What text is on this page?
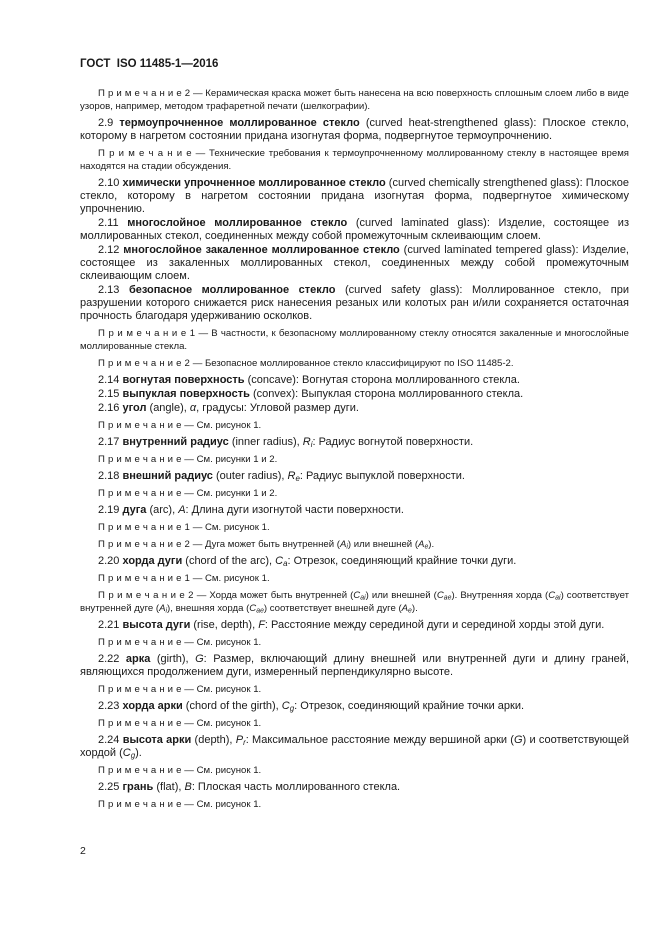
ГОСТ  ISO 11485-1—2016

П р и м е ч а н и е 2 — Керамическая краска может быть нанесена на всю поверхность сплошным слоем либо в виде узоров, например, методом трафаретной печати (шелкографии).

2.9 термоупрочненное моллированное стекло (curved heat-strengthened glass): Плоское стекло, которому в нагретом состоянии придана изогнутая форма, подвергнутое термоупрочнению.

П р и м е ч а н и е — Технические требования к термоупрочненному моллированному стеклу в настоящее время находятся на стадии обсуждения.

2.10 химически упрочненное моллированное стекло (curved chemically strengthened glass): Плоское стекло, которому в нагретом состоянии придана изогнутая форма, подвергнутое химическому упрочнению.

2.11 многослойное моллированное стекло (curved laminated glass): Изделие, состоящее из моллированных стекол, соединенных между собой промежуточным склеивающим слоем.

2.12 многослойное закаленное моллированное стекло (curved laminated tempered glass): Изделие, состоящее из закаленных моллированных стекол, соединенных между собой промежуточным склеивающим слоем.

2.13 безопасное моллированное стекло (curved safety glass): Моллированное стекло, при разрушении которого снижается риск нанесения резаных или колотых ран и/или сохраняется остаточная прочность благодаря удерживанию осколков.

П р и м е ч а н и е 1 — В частности, к безопасному моллированному стеклу относятся закаленные и многослойные моллированные стекла.

П р и м е ч а н и е 2 — Безопасное моллированное стекло классифицируют по ISO 11485-2.

2.14 вогнутая поверхность (concave): Вогнутая сторона моллированного стекла.

2.15 выпуклая поверхность (convex): Выпуклая сторона моллированного стекла.

2.16 угол (angle), α, градусы: Угловой размер дуги.

П р и м е ч а н и е — См. рисунок 1.

2.17 внутренний радиус (inner radius), $R_i$: Радиус вогнутой поверхности.

П р и м е ч а н и е — См. рисунки 1 и 2.

2.18 внешний радиус (outer radius), $R_e$: Радиус выпуклой поверхности.

П р и м е ч а н и е — См. рисунки 1 и 2.

2.19 дуга (arc), A: Длина дуги изогнутой части поверхности.

П р и м е ч а н и е 1 — См. рисунок 1.

П р и м е ч а н и е 2 — Дуга может быть внутренней $(A_i)$ или внешней $(A_e)$.

2.20 хорда дуги (chord of the arc), $C_a$: Отрезок, соединяющий крайние точки дуги.

П р и м е ч а н и е 1 — См. рисунок 1.

П р и м е ч а н и е 2 — Хорда может быть внутренней $(C_{ai})$ или внешней $(C_{ae})$. Внутренняя хорда $(C_{ai})$ соответствует внутренней дуге $(A_i)$, внешняя хорда $(C_{ae})$ соответствует внешней дуге $(A_e)$.

2.21 высота дуги (rise, depth), F: Расстояние между серединой дуги и серединой хорды этой дуги.

П р и м е ч а н и е — См. рисунок 1.

2.22 арка (girth), G: Размер, включающий длину внешней или внутренней дуги и длину граней, являющихся продолжением дуги, измеренный перпендикулярно высоте.

П р и м е ч а н и е — См. рисунок 1.

2.23 хорда арки (chord of the girth), $C_g$: Отрезок, соединяющий крайние точки арки.

П р и м е ч а н и е — См. рисунок 1.

2.24 высота арки (depth), $P_r$: Максимальное расстояние между вершиной арки (G) и соответствующей хордой $(C_g)$.

П р и м е ч а н и е — См. рисунок 1.

2.25 грань (flat), B: Плоская часть моллированного стекла.

П р и м е ч а н и е — См. рисунок 1.

2
